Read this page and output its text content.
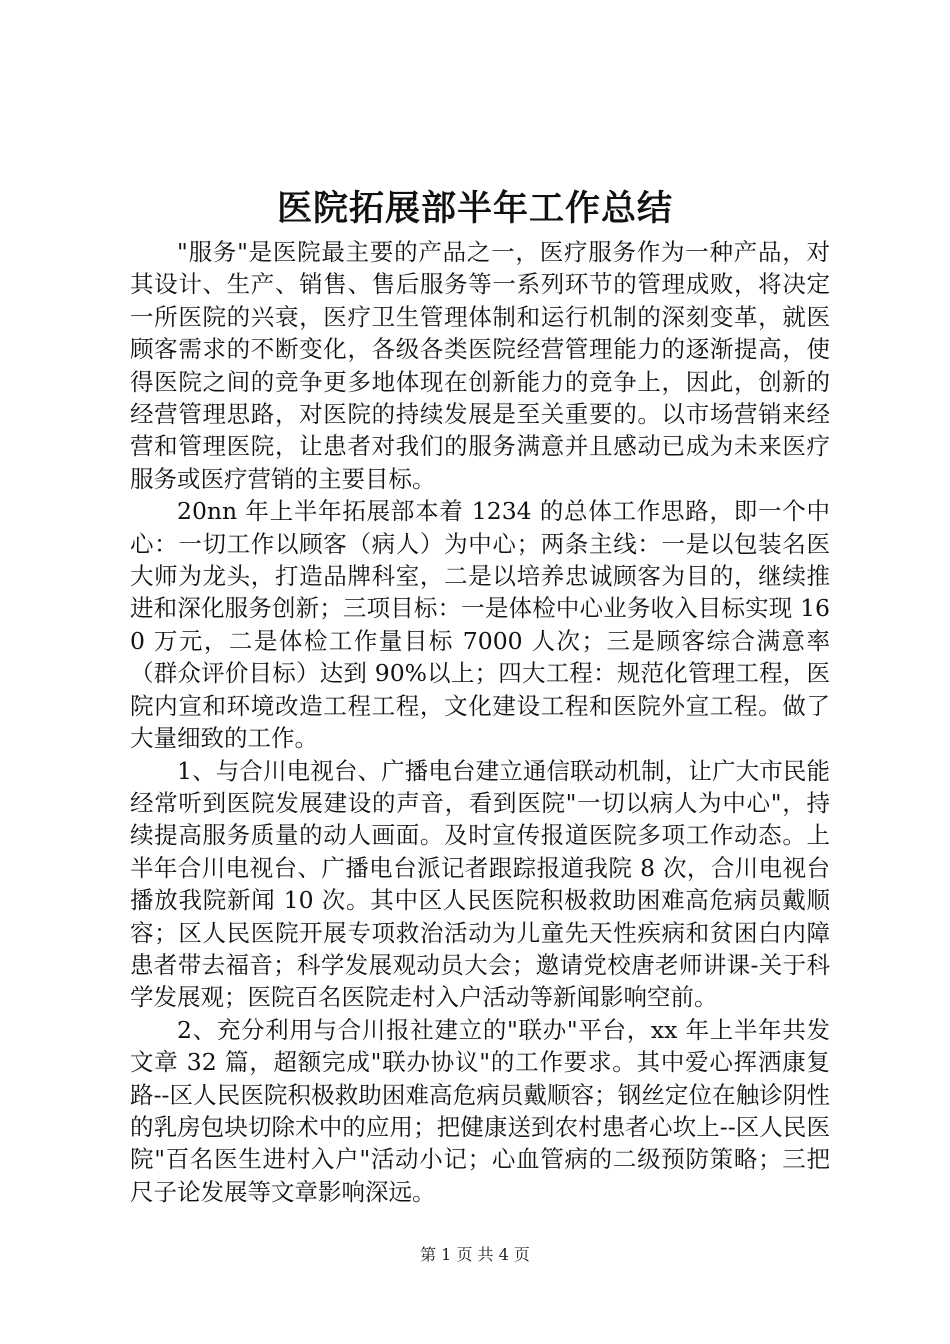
医院拓展部半年工作总结

"服务"是医院最主要的产品之一，医疗服务作为一种产品，对其设计、生产、销售、售后服务等一系列环节的管理成败，将决定一所医院的兴衰，医疗卫生管理体制和运行机制的深刻变革，就医顾客需求的不断变化，各级各类医院经营管理能力的逐渐提高，使得医院之间的竞争更多地体现在创新能力的竞争上，因此，创新的经营管理思路，对医院的持续发展是至关重要的。以市场营销来经营和管理医院，让患者对我们的服务满意并且感动已成为未来医疗服务或医疗营销的主要目标。

20nn 年上半年拓展部本着 1234 的总体工作思路，即一个中心：一切工作以顾客（病人）为中心；两条主线：一是以包装名医大师为龙头，打造品牌科室，二是以培养忠诚顾客为目的，继续推进和深化服务创新；三项目标：一是体检中心业务收入目标实现 160 万元，二是体检工作量目标 7000 人次；三是顾客综合满意率（群众评价目标）达到 90%以上；四大工程：规范化管理工程，医院内宣和环境改造工程工程，文化建设工程和医院外宣工程。做了大量细致的工作。

1、与合川电视台、广播电台建立通信联动机制，让广大市民能经常听到医院发展建设的声音，看到医院"一切以病人为中心"，持续提高服务质量的动人画面。及时宣传报道医院多项工作动态。上半年合川电视台、广播电台派记者跟踪报道我院 8 次，合川电视台播放我院新闻 10 次。其中区人民医院积极救助困难高危病员戴顺容；区人民医院开展专项救治活动为儿童先天性疾病和贫困白内障患者带去福音；科学发展观动员大会；邀请党校唐老师讲课-关于科学发展观；医院百名医院走村入户活动等新闻影响空前。

2、充分利用与合川报社建立的"联办"平台，xx 年上半年共发文章 32 篇，超额完成"联办协议"的工作要求。其中爱心挥洒康复路--区人民医院积极救助困难高危病员戴顺容；钢丝定位在触诊阴性的乳房包块切除术中的应用；把健康送到农村患者心坎上--区人民医院"百名医生进村入户"活动小记；心血管病的二级预防策略；三把尺子论发展等文章影响深远。

第 1 页 共 4 页
